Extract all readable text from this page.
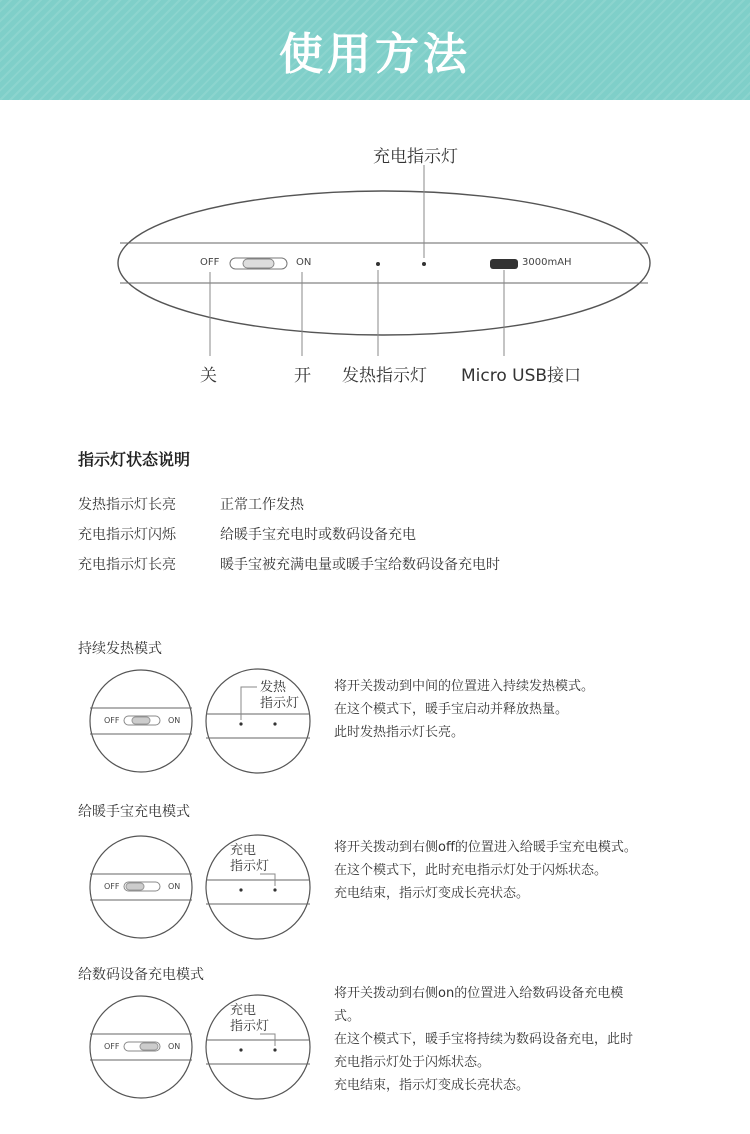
使用方法
充电指示灯
OFF	ON	3000mAH
关	开 发热指示灯 Micro USB接口
指示灯状态说明
发热指示灯长亮	正常工作发热
充电指示灯闪烁	给暖手宝充电时或数码设备充电
充电指示灯长亮	暖手宝被充满电量或暖手宝给数码设备充电时
持续发热模式
OFF	ON
发热
指示灯
将开关拨动到中间的位置进入持续发热模式。
在这个模式下，暖手宝启动并释放热量。
此时发热指示灯长亮。
给暖手宝充电模式
OFF	ON
充电
指示灯
将开关拨动到右侧off的位置进入给暖手宝充电模式。
在这个模式下，此时充电指示灯处于闪烁状态。
充电结束，指示灯变成长亮状态。
给数码设备充电模式
OFF	ON
充电
指示灯
将开关拨动到右侧on的位置进入给数码设备充电模
式。
在这个模式下，暖手宝将持续为数码设备充电，此时
充电指示灯处于闪烁状态。
充电结束，指示灯变成长亮状态。
